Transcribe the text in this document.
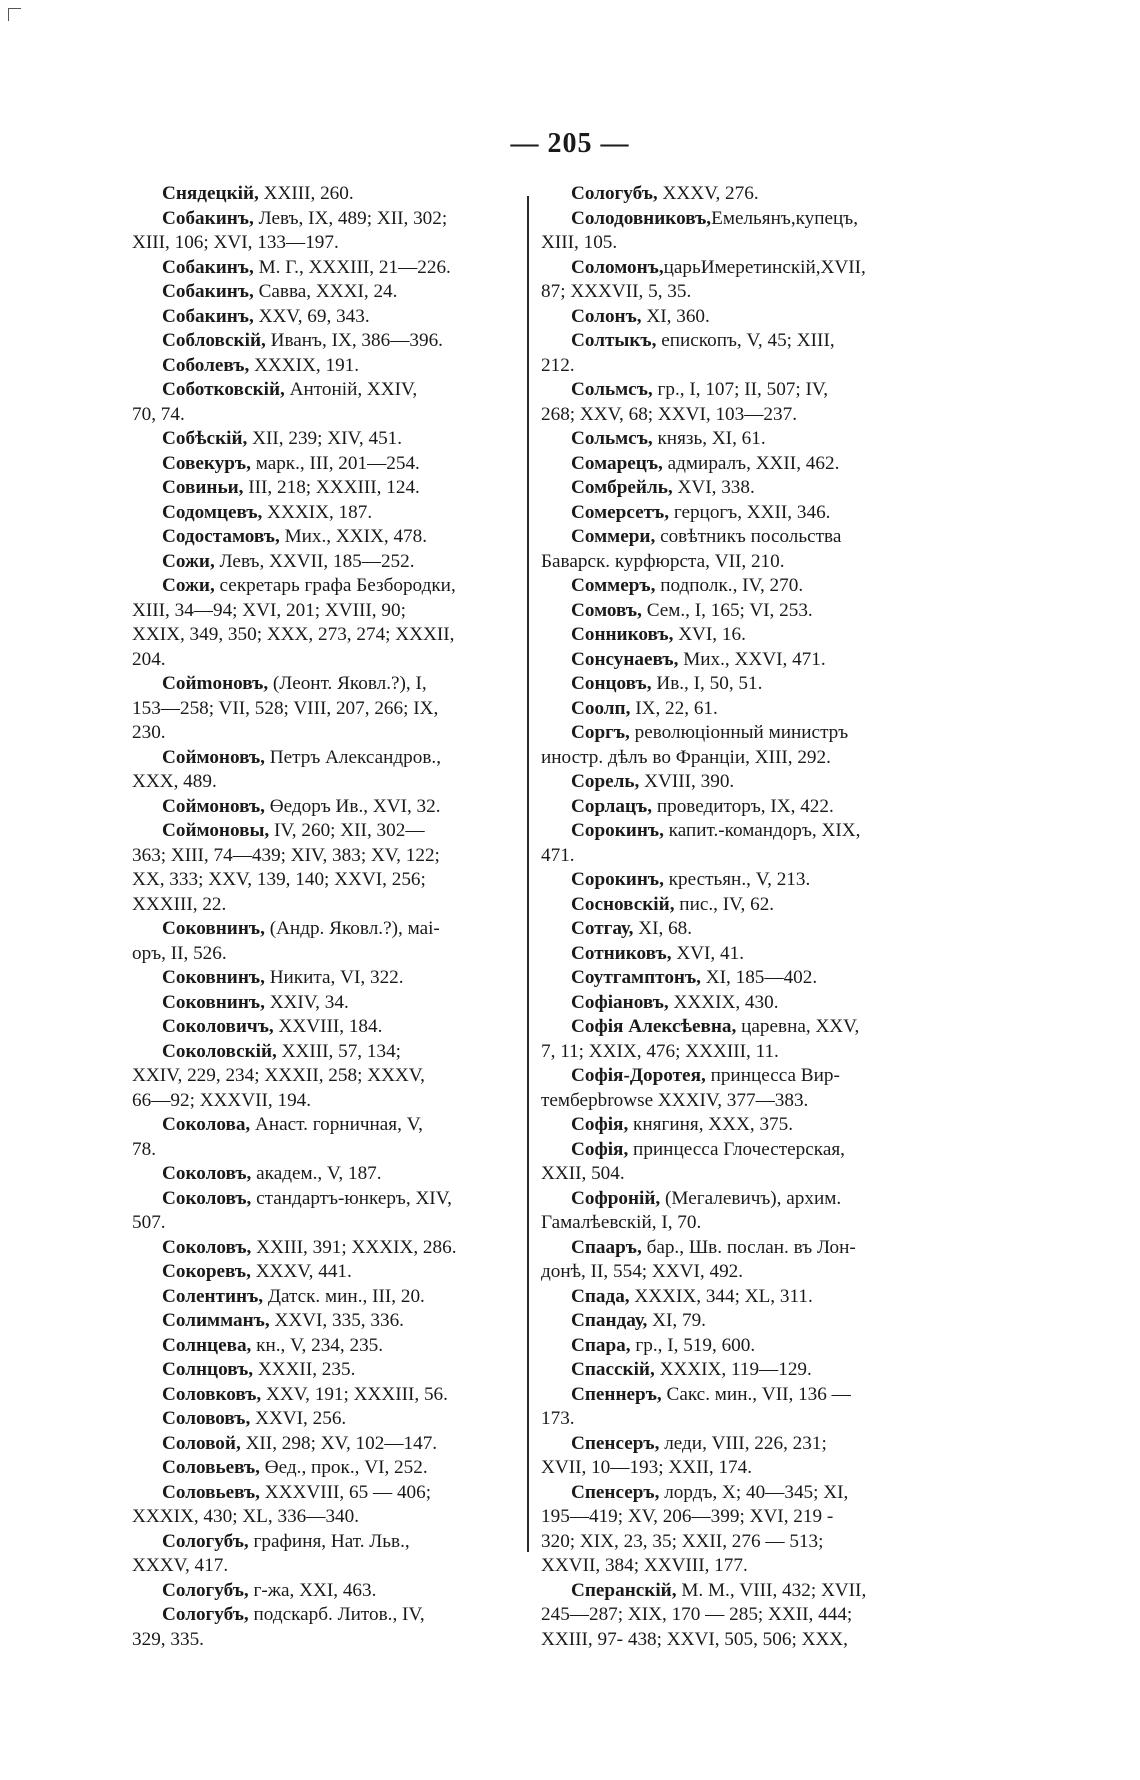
— 205 —

Снядецкій, XXIII, 260.

Собакинъ, Левъ, IX, 489; XII, 302;

XIII, 106; XVI, 133—197.

Собакинъ, М. Г., XXXIII, 21—226.

Собакинъ, Савва, XXXI, 24.

Собакинъ, XXV, 69, 343.

Собловскій, Иванъ, IX, 386—396.

Соболевъ, XXXIX, 191.

Соботковскій, Антоній, XXIV,

70, 74.

Собѣскій, XII, 239; XIV, 451.

Совекуръ, марк., III, 201—254.

Совиньи, III, 218; XXXIII, 124.

Содомцевъ, XXXIX, 187.

Содостамовъ, Мих., XXIX, 478.

Сожи, Левъ, XXVII, 185—252.

Сожи, секретарь графа Безбородки,

XIII, 34—94; XVI, 201; XVIII, 90;

XXIX, 349, 350; XXX, 273, 274; XXXII,

204.

Сойmоновъ, (Леонт. Яковл.?), I,

153—258; VII, 528; VIII, 207, 266; IX,

230.

Соймоновъ, Петръ Александров.,

XXX, 489.

Соймоновъ, Өедоръ Ив., XVI, 32.

Соймоновы, IV, 260; XII, 302—

363; XIII, 74—439; XIV, 383; XV, 122;

XX, 333; XXV, 139, 140; XXVI, 256;

XXXIII, 22.

Соковнинъ, (Андр. Яковл.?), маі-

оръ, II, 526.

Соковнинъ, Никита, VI, 322.

Соковнинъ, XXIV, 34.

Соколовичъ, XXVIII, 184.

Соколовскій, XXIII, 57, 134;

XXIV, 229, 234; XXXII, 258; XXXV,

66—92; XXXVII, 194.

Соколова, Анаст. горничная, V,

78.

Соколовъ, академ., V, 187.

Соколовъ, стандартъ-юнкеръ, XIV,

507.

Соколовъ, XXIII, 391; XXXIX, 286.

Сокоревъ, XXXV, 441.

Солентинъ, Датск. мин., III, 20.

Солимманъ, XXVI, 335, 336.

Солнцева, кн., V, 234, 235.

Солнцовъ, XXXII, 235.

Соловковъ, XXV, 191; XXXIII, 56.

Солововъ, XXVI, 256.

Соловой, XII, 298; XV, 102—147.

Соловьевъ, Өед., прок., VI, 252.

Соловьевъ, XXXVIII, 65 — 406;

XXXIX, 430; XL, 336—340.

Сологубъ, графиня, Нат. Льв.,

XXXV, 417.

Сологубъ, г-жа, XXI, 463.

Сологубъ, подскарб. Литов., IV,

329, 335.

Сологубъ, XXXV, 276.

Солодовниковъ,Емельянъ,купецъ,

XIII, 105.

Соломонъ,царьИмеретинскій,XVII,

87; XXXVII, 5, 35.

Солонъ, XI, 360.

Солтыкъ, епископъ, V, 45; XIII,

212.

Сольмсъ, гр., I, 107; II, 507; IV,

268; XXV, 68; XXVI, 103—237.

Сольмсъ, князь, XI, 61.

Сомарецъ, адмиралъ, XXII, 462.

Сомбрейль, XVI, 338.

Сомерсетъ, герцогъ, XXII, 346.

Соммери, совѣтникъ посольства

Баварск. курфюрста, VII, 210.

Соммеръ, подполк., IV, 270.

Сомовъ, Сем., I, 165; VI, 253.

Сонниковъ, XVI, 16.

Сонсунаевъ, Мих., XXVI, 471.

Сонцовъ, Ив., I, 50, 51.

Соолп, IX, 22, 61.

Соргъ, революціонный министръ

иностр. дѣлъ во Франціи, XIII, 292.

Сорель, XVIII, 390.

Сорлацъ, проведиторъ, IX, 422.

Сорокинъ, капит.-командоръ, XIX,

471.

Сорокинъ, крестьян., V, 213.

Сосновскій, пис., IV, 62.

Сотгау, XI, 68.

Сотниковъ, XVI, 41.

Соутгамптонъ, XI, 185—402.

Софіановъ, XXXIX, 430.

Софія Алексѣевна, царевна, XXV,

7, 11; XXIX, 476; XXXIII, 11.

Софія-Доротея, принцесса Вир-

темберbrowse XXXIV, 377—383.

Софія, княгиня, XXX, 375.

Софія, принцесса Глочестерская,

XXII, 504.

Софроній, (Мегалевичъ), архим.

Гамалѣевскій, I, 70.

Спааръ, бар., Шв. послан. въ Лон-

донѣ, II, 554; XXVI, 492.

Спада, XXXIX, 344; XL, 311.

Спандау, XI, 79.

Спара, гр., I, 519, 600.

Спасскій, XXXIX, 119—129.

Спеннеръ, Сакс. мин., VII, 136 —

173.

Спенсеръ, леди, VIII, 226, 231;

XVII, 10—193; XXII, 174.

Спенсеръ, лордъ, X; 40—345; XI,

195—419; XV, 206—399; XVI, 219 -

320; XIX, 23, 35; XXII, 276 — 513;

XXVII, 384; XXVIII, 177.

Сперанскій, М. М., VIII, 432; XVII,

245—287; XIX, 170 — 285; XXII, 444;

XXIII, 97- 438; XXVI, 505, 506; XXX,
